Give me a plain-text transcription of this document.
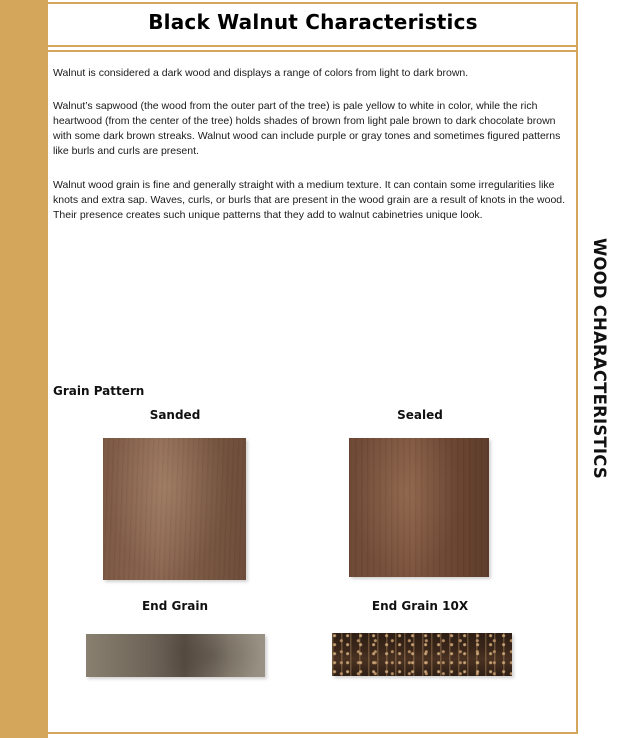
Black Walnut Characteristics

Walnut is considered a dark wood and displays a range of colors from light to dark brown.

Walnut’s sapwood (the wood from the outer part of the tree) is pale yellow to white in color, while the rich heartwood (from the center of the tree) holds shades of brown from light pale brown to dark chocolate brown with some dark brown streaks. Walnut wood can include purple or gray tones and sometimes figured patterns like burls and curls are present.

Walnut wood grain is fine and generally straight with a medium texture. It can contain some irregularities like knots and extra sap. Waves, curls, or burls that are present in the wood grain are a result of knots in the wood. Their presence creates such unique patterns that they add to walnut cabinetries unique look.

WOOD CHARACTERISTICS
Grain Pattern
Sanded	Sealed
End Grain	End Grain 10X
